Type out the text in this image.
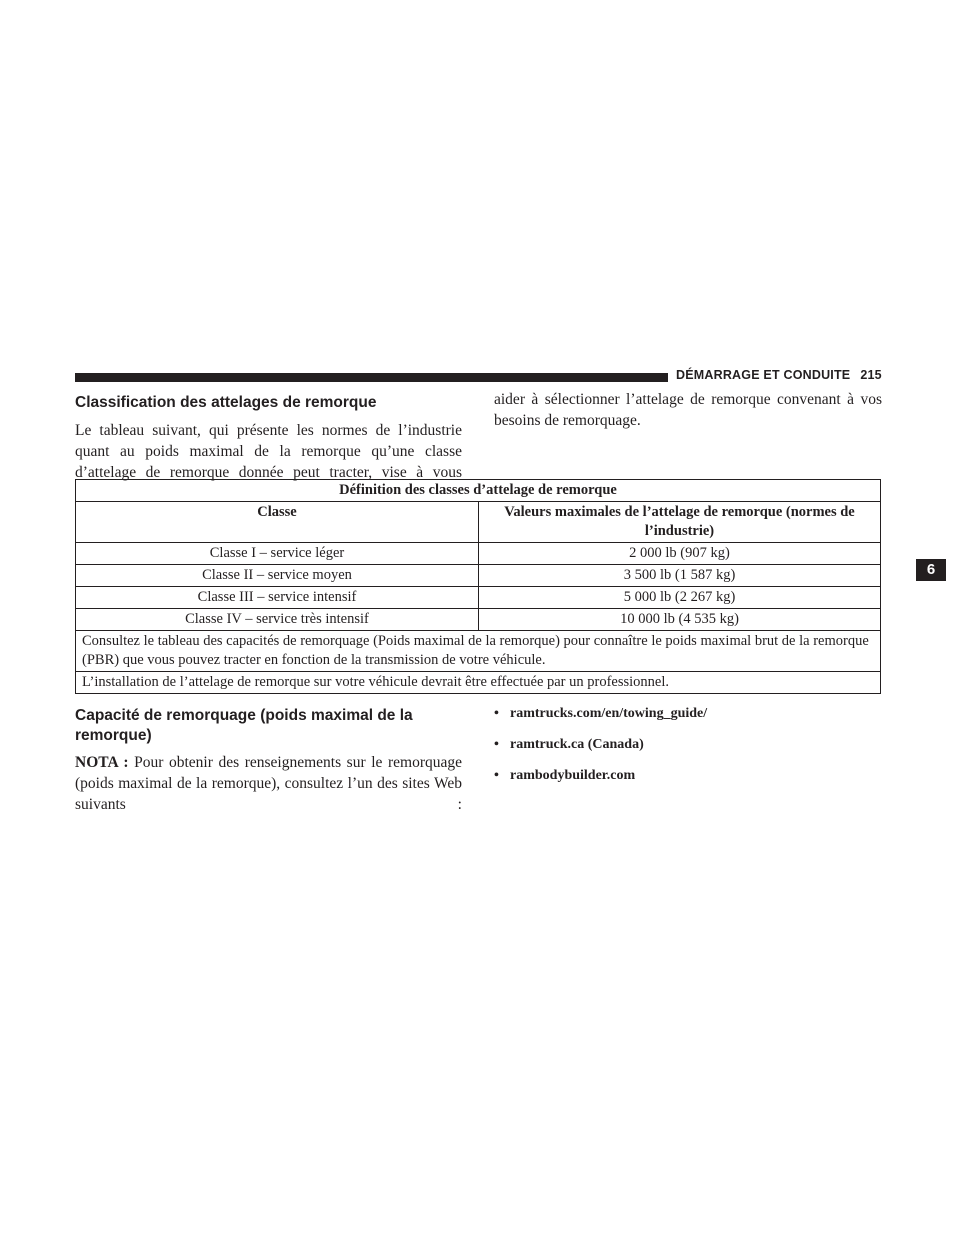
DÉMARRAGE ET CONDUITE 215
6
Classification des attelages de remorque

Le tableau suivant, qui présente les normes de l’industrie quant au poids maximal de la remorque qu’une classe d’attelage de remorque donnée peut tracter, vise à vous

aider à sélectionner l’attelage de remorque convenant à vos besoins de remorquage.

Définition des classes d’attelage de remorque	
Classe	Valeurs maximales de l’attelage de remorque (normes de l’industrie)
Classe I – service léger	2 000 lb (907 kg)
Classe II – service moyen	3 500 lb (1 587 kg)
Classe III – service intensif	5 000 lb (2 267 kg)
Classe IV – service très intensif	10 000 lb (4 535 kg)
Consultez le tableau des capacités de remorquage (Poids maximal de la remorque) pour connaître le poids maximal brut de la remorque (PBR) que vous pouvez tracter en fonction de la transmission de votre véhicule.	
L’installation de l’attelage de remorque sur votre véhicule devrait être effectuée par un professionnel.	
Capacité de remorquage (poids maximal de la remorque)

NOTA : Pour obtenir des renseignements sur le remorquage (poids maximal de la remorque), consultez l’un des sites Web suivants :

• ramtrucks.com/en/towing_guide/
• ramtruck.ca (Canada)
• rambodybuilder.com
